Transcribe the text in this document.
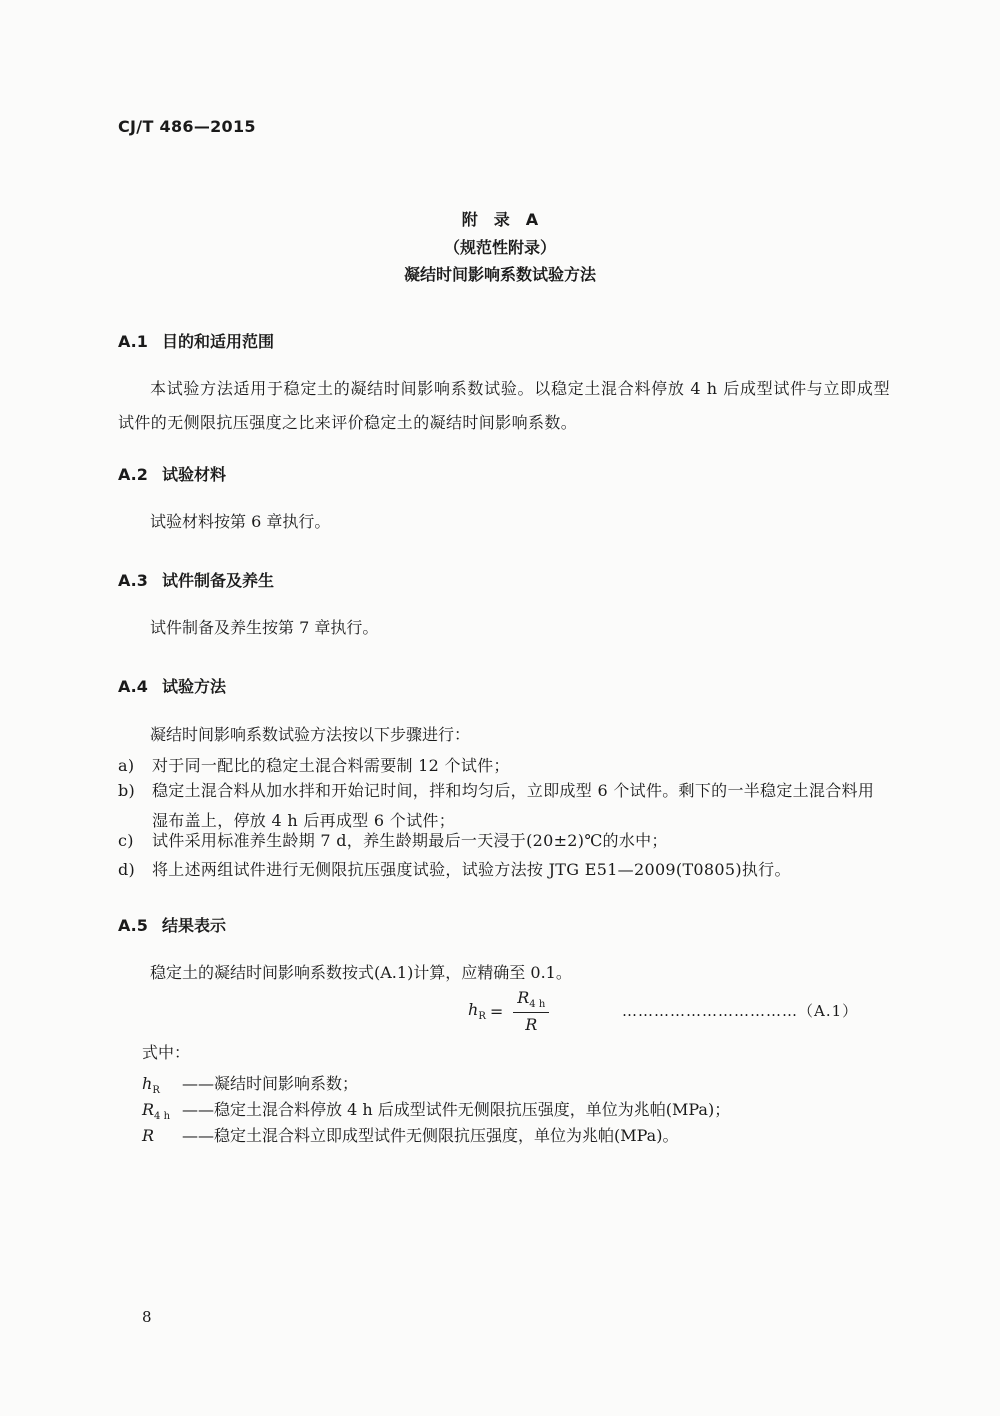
CJ/T 486—2015
附　录　A
（规范性附录）
凝结时间影响系数试验方法
A.1 目的和适用范围
本试验方法适用于稳定土的凝结时间影响系数试验。以稳定土混合料停放 4 h 后成型试件与立即成型试件的无侧限抗压强度之比来评价稳定土的凝结时间影响系数。
A.2 试验材料
试验材料按第 6 章执行。
A.3 试件制备及养生
试件制备及养生按第 7 章执行。
A.4 试验方法
凝结时间影响系数试验方法按以下步骤进行：
a) 对于同一配比的稳定土混合料需要制 12 个试件；
b) 稳定土混合料从加水拌和开始记时间，拌和均匀后，立即成型 6 个试件。剩下的一半稳定土混合料用湿布盖上，停放 4 h 后再成型 6 个试件；
c) 试件采用标准养生龄期 7 d，养生龄期最后一天浸于(20±2)℃的水中；
d) 将上述两组试件进行无侧限抗压强度试验，试验方法按 JTG E51—2009(T0805)执行。
A.5 结果表示
稳定土的凝结时间影响系数按式(A.1)计算，应精确至 0.1。
$h_R = \frac{R_{4 h}}{R}$	……………………………（A.1）
式中：
$h_R$ ——凝结时间影响系数；
$R_{4 h}$ ——稳定土混合料停放 4 h 后成型试件无侧限抗压强度，单位为兆帕(MPa)；
R ——稳定土混合料立即成型试件无侧限抗压强度，单位为兆帕(MPa)。
8
